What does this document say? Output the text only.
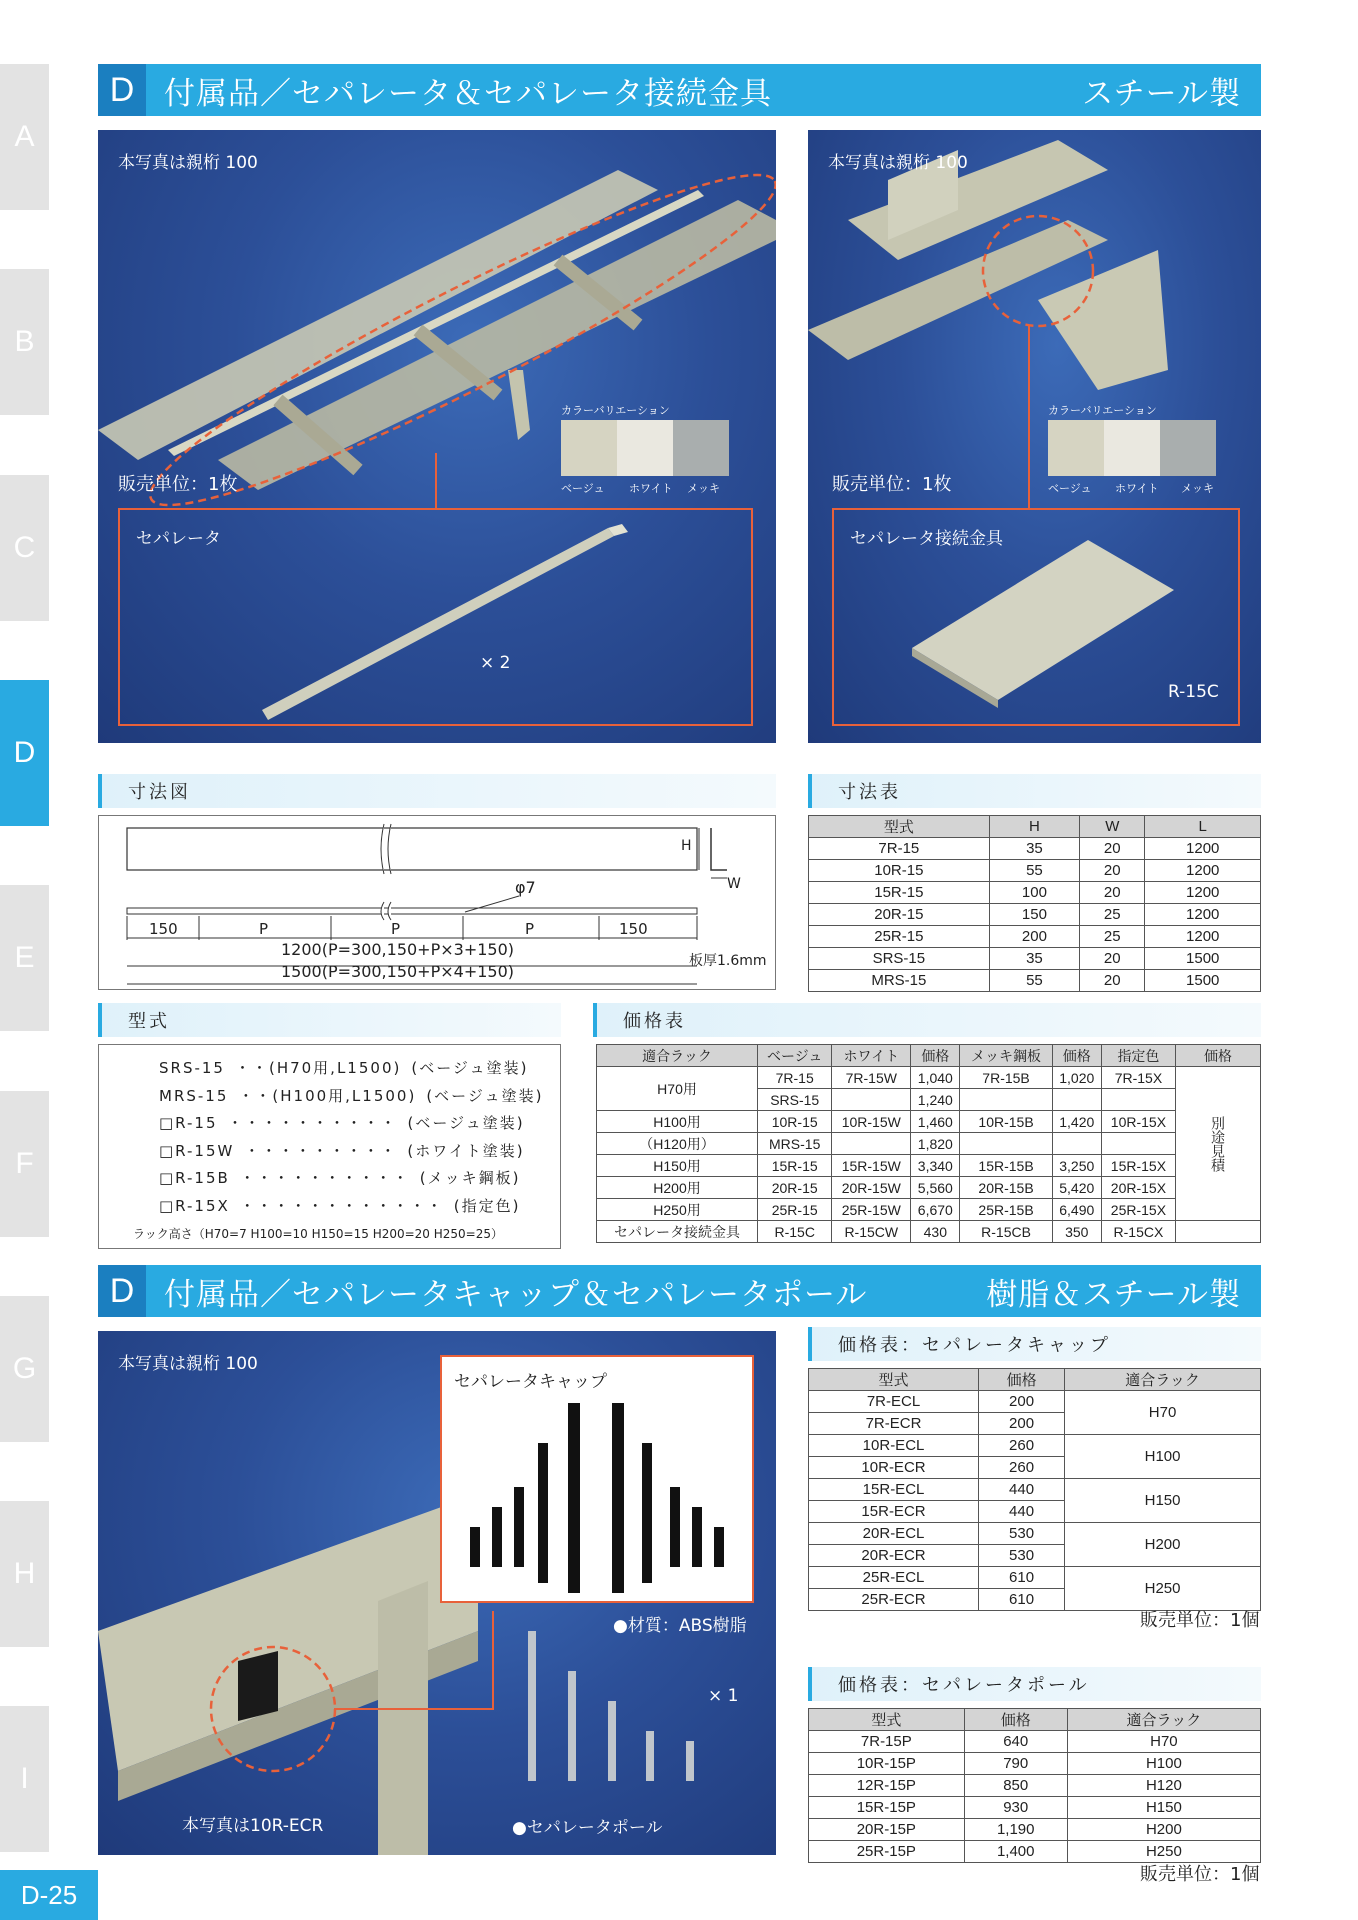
A
B
C
D
E
F
G
H
I
D-25
D 付属品／セパレータ＆セパレータ接続金具	スチール製
本写真は親桁 100
販売単位：1枚
カラーバリエーション
ベージュ ホワイト メッキ
セパレータ
× 2
本写真は親桁 100
販売単位：1枚
カラーバリエーション
ベージュ ホワイト メッキ
セパレータ接続金具
R-15C
寸法図
H
W
φ7
150	P	P	P	150
1200(P=300,150+P×3+150)
1500(P=300,150+P×4+150)
板厚1.6mm
寸法表
型式	H	W	L
7R-15	35	20	1200
10R-15	55	20	1200
15R-15	100	20	1200
20R-15	150	25	1200
25R-15	200	25	1200
SRS-15	35	20	1500
MRS-15	55	20	1500
型式
SRS-15 ・・(H70用,L1500) (ベージュ塗装)
MRS-15 ・・(H100用,L1500) (ベージュ塗装)
□R-15 ・・・・・・・・・・ (ベージュ塗装)
□R-15W ・・・・・・・・・ (ホワイト塗装)
□R-15B ・・・・・・・・・・ (メッキ鋼板)
□R-15X ・・・・・・・・・・・・ (指定色)
ラック高さ（H70=7 H100=10 H150=15 H200=20 H250=25）
価格表
適合ラック	ベージュ	ホワイト	価格	メッキ鋼板	価格	指定色	価格
H70用	7R-15	7R-15W	1,040	7R-15B	1,020	7R-15X	別途見積
	SRS-15		1,240				
H100用	10R-15	10R-15W	1,460	10R-15B	1,420	10R-15X	
（H120用）	MRS-15		1,820				
H150用	15R-15	15R-15W	3,340	15R-15B	3,250	15R-15X	
H200用	20R-15	20R-15W	5,560	20R-15B	5,420	20R-15X	
H250用	25R-15	25R-15W	6,670	25R-15B	6,490	25R-15X	
セパレータ接続金具	R-15C	R-15CW	430	R-15CB	350	R-15CX	
D 付属品／セパレータキャップ＆セパレータポール	樹脂＆スチール製
本写真は親桁 100
セパレータキャップ
●材質：ABS樹脂
× 1
●セパレータポール
本写真は10R-ECR
価格表：セパレータキャップ
型式	価格	適合ラック
7R-ECL	200	H70
7R-ECR	200	
10R-ECL	260	H100
10R-ECR	260	
15R-ECL	440	H150
15R-ECR	440	
20R-ECL	530	H200
20R-ECR	530	
25R-ECL	610	H250
25R-ECR	610	
販売単位：1個
価格表：セパレータポール
型式	価格	適合ラック
7R-15P	640	H70
10R-15P	790	H100
12R-15P	850	H120
15R-15P	930	H150
20R-15P	1,190	H200
25R-15P	1,400	H250
販売単位：1個
